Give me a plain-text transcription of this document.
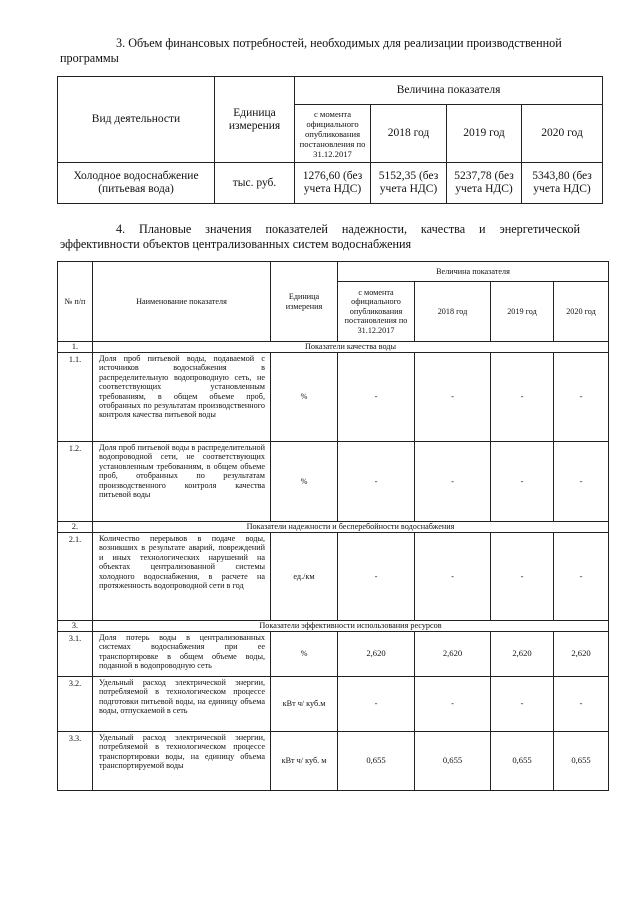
3. Объем финансовых потребностей, необходимых для реализации производственной программы
Вид деятельности	Единица измерения	Величина показателя			
		с момента официального опубликования постановления по 31.12.2017	2018 год	2019 год	2020 год
Холодное водоснабжение (питьевая вода)	тыс. руб.	1276,60 (без учета НДС)	5152,35 (без учета НДС)	5237,78 (без учета НДС)	5343,80 (без учета НДС)
4. Плановые значения показателей надежности, качества и энергетической эффективности объектов централизованных систем водоснабжения
№ п/п	Наименование показателя	Единица измерения	Величина показателя			
			с момента официального опубликования постановления по 31.12.2017	2018 год	2019 год	2020 год
1.	Показатели качества воды					
1.1.	Доля проб питьевой воды, подаваемой с источников водоснабжения в распределительную водопроводную сеть, не соответствующих установленным требованиям, в общем объеме проб, отобранных по результатам производственного контроля качества питьевой воды	%	-	-	-	-
1.2.	Доля проб питьевой воды в распределительной водопроводной сети, не соответствующих установленным требованиям, в общем объеме проб, отобранных по результатам производственного контроля качества питьевой воды	%	-	-	-	-
2.	Показатели надежности и бесперебойности водоснабжения					
2.1.	Количество перерывов в подаче воды, возникших в результате аварий, повреждений и иных технологических нарушений на объектах централизованной системы холодного водоснабжения, в расчете на протяженность водопроводной сети в год	ед./км	-	-	-	-
3.	Показатели эффективности использования ресурсов					
3.1.	Доля потерь воды в централизованных системах водоснабжения при ее транспортировке в общем объеме воды, поданной в водопроводную сеть	%	2,620	2,620	2,620	2,620
3.2.	Удельный расход электрической энергии, потребляемой в технологическом процессе подготовки питьевой воды, на единицу объема воды, отпускаемой в сеть	кВт ч/ куб.м	-	-	-	-
3.3.	Удельный расход электрической энергии, потребляемой в технологическом процессе транспортировки воды, на единицу объема транспортируемой воды	кВт ч/ куб. м	0,655	0,655	0,655	0,655
